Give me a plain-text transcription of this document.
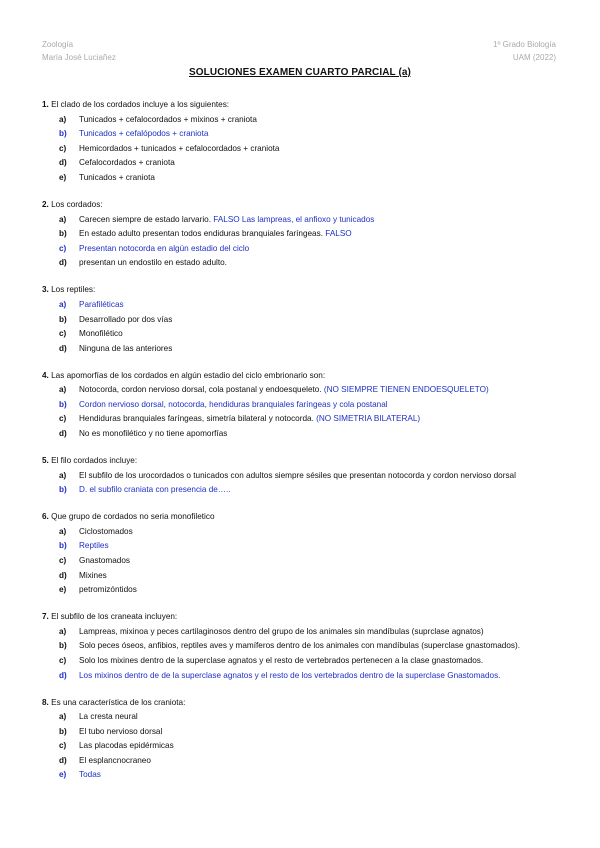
Zoología
María José Luciañez
1º Grado Biología
UAM (2022)
SOLUCIONES EXAMEN CUARTO PARCIAL (a)
1. El clado de los cordados incluye a los siguientes:
a)	Tunicados + cefalocordados + mixinos + craniota
b)	Tunicados + cefalópodos + craniota
c)	Hemicordados + tunicados + cefalocordados + craniota
d)	Cefalocordados + craniota
e)	Tunicados + craniota
2. Los cordados:
a)	Carecen siempre de estado larvario. FALSO Las lampreas, el anfioxo y tunicados
b)	En estado adulto presentan todos endiduras branquiales faríngeas. FALSO
c)	Presentan notocorda en algún estadio del ciclo
d)	presentan un endostilo en estado adulto.
3. Los reptiles:
a)	Parafiléticas
b)	Desarrollado por dos vías
c)	Monofilético
d)	Ninguna de las anteriores
4. Las apomorfías de los cordados en algún estadio del ciclo embrionario son:
a)	Notocorda, cordon nervioso dorsal, cola postanal y endoesqueleto. (NO SIEMPRE TIENEN ENDOESQUELETO)
b)	Cordon nervioso dorsal, notocorda, hendiduras branquiales faríngeas y cola postanal
c)	Hendiduras branquiales faríngeas, simetría bilateral y notocorda. (NO SIMETRIA BILATERAL)
d)	No es monofilético y no tiene apomorfías
5. El filo cordados incluye:
a)	El subfilo de los urocordados o tunicados con adultos siempre sésiles que presentan notocorda y cordon nervioso dorsal
b)	D. el subfilo craniata con presencia de…..
6. Que grupo de cordados no seria monofiletico
a)	Ciclostomados
b)	Reptiles
c)	Gnastomados
d)	Mixines
e)	petromizóntidos
7. El subfilo de los craneata incluyen:
a)	Lampreas, mixinoa y peces cartilaginosos dentro del grupo de los animales sin mandíbulas (suprclase agnatos)
b)	Solo peces óseos, anfibios, reptiles aves y mamíferos dentro de los animales con mandíbulas (superclase gnastomados).
c)	Solo los mixines dentro de la superclase agnatos y el resto de vertebrados pertenecen a la clase gnastomados.
d)	Los mixinos dentro de de la superclase agnatos y el resto de los vertebrados dentro de la superclase Gnastomados.
8. Es una característica de los craniota:
a)	La cresta neural
b)	El tubo nervioso dorsal
c)	Las placodas epidérmicas
d)	El esplancnocraneo
e)	Todas
